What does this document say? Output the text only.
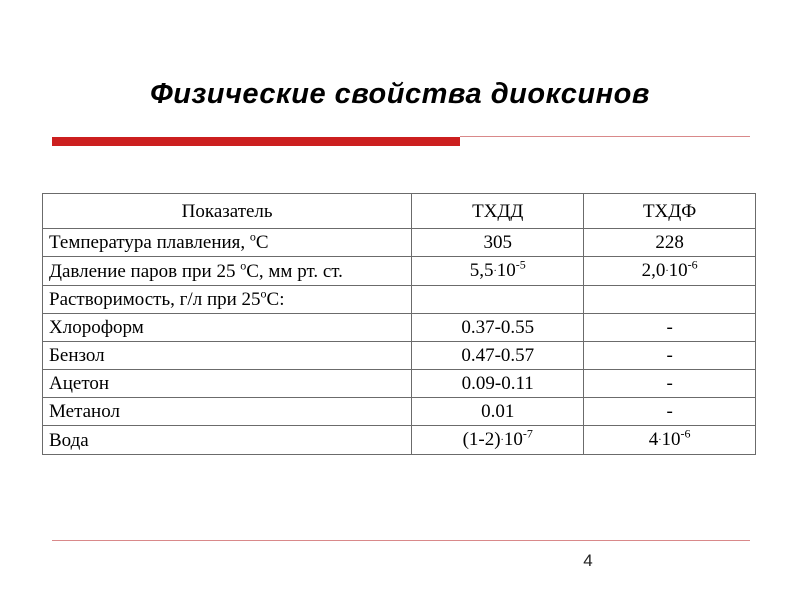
Физические свойства диоксинов
Показатель	ТХДД	ТХДФ
Температура плавления, $^о$С	305	228
Давление паров при 25 $^о$С, мм рт. ст.	$5,5\cdot 10^{-5}$	$2,0\cdot 10^{-6}$
Растворимость, г/л при $25^оС$:		
Хлороформ	0.37-0.55	-
Бензол	0.47-0.57	-
Ацетон	0.09-0.11	-
Метанол	0.01	-
Вода	$(1-2)\cdot 10^{-7}$	$4\cdot 10^{-6}$
4
